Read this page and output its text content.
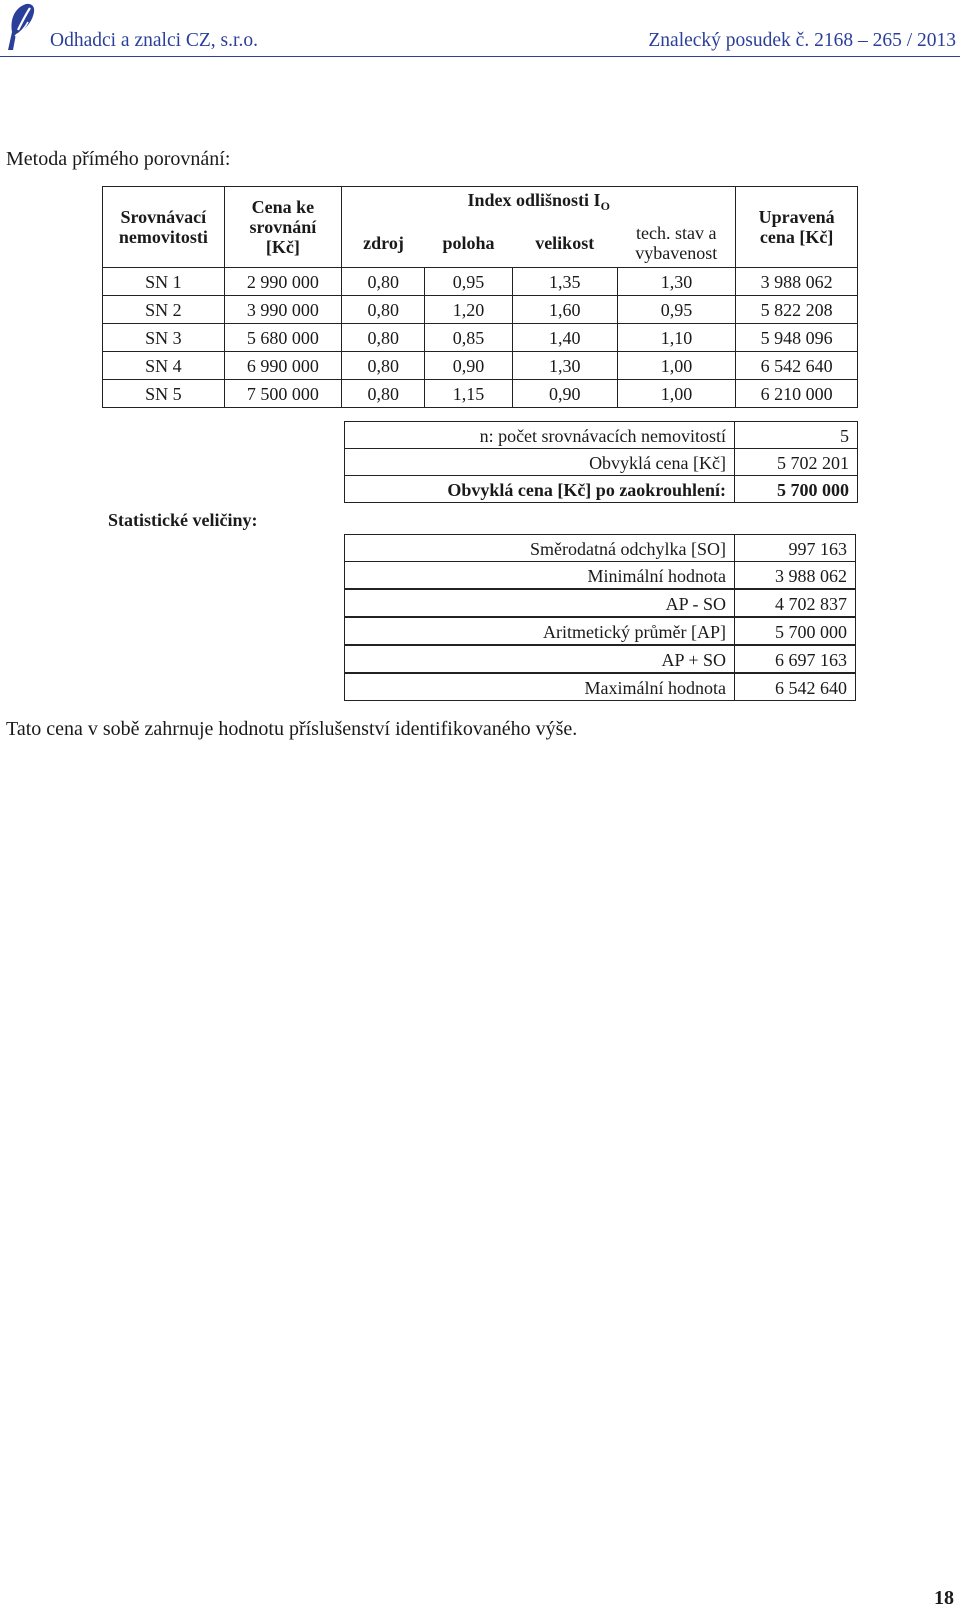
Odhadci a znalci CZ, s.r.o.	Znalecký posudek č. 2168 – 265 / 2013
Metoda přímého porovnání:
Srovnávací nemovitosti	Cena ke srovnání [Kč]	Index odlišnosti $I_O$				Upravená cena [Kč]
		zdroj	poloha	velikost	tech. stav a vybavenost	
SN 1	2 990 000	0,80	0,95	1,35	1,30	3 988 062
SN 2	3 990 000	0,80	1,20	1,60	0,95	5 822 208
SN 3	5 680 000	0,80	0,85	1,40	1,10	5 948 096
SN 4	6 990 000	0,80	0,90	1,30	1,00	6 542 640
SN 5	7 500 000	0,80	1,15	0,90	1,00	6 210 000
Statistické veličiny:
n: počet srovnávacích nemovitostí	5
Obvyklá cena [Kč]	5 702 201
Obvyklá cena [Kč] po zaokrouhlení:	5 700 000
Směrodatná odchylka [SO]	997 163
Minimální hodnota	3 988 062
AP - SO	4 702 837
Aritmetický průměr [AP]	5 700 000
AP + SO	6 697 163
Maximální hodnota	6 542 640
Tato cena v sobě zahrnuje hodnotu příslušenství identifikovaného výše.
18
